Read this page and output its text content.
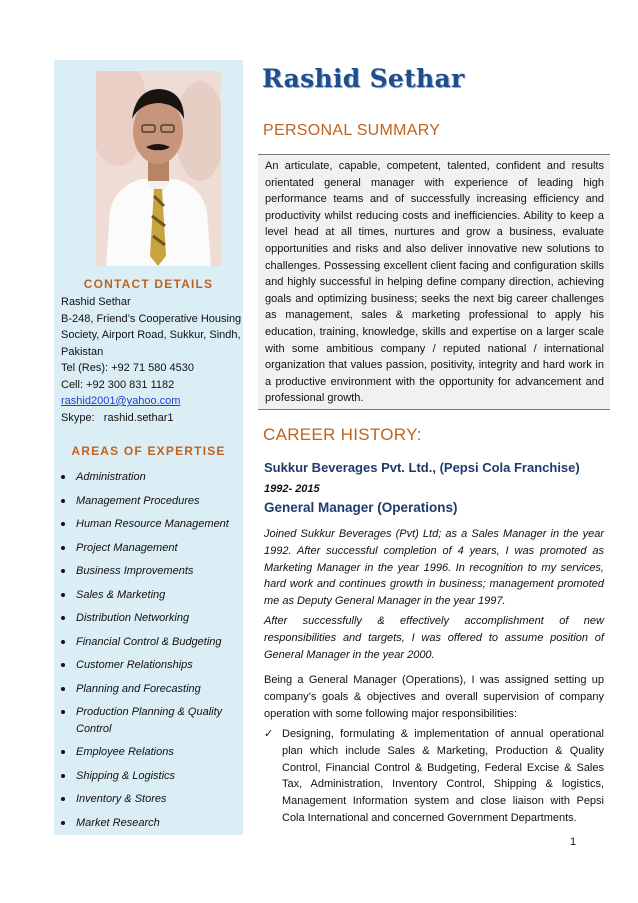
CONTACT DETAILS
Rashid Sethar
B-248, Friend’s Cooperative Housing
Society, Airport Road, Sukkur, Sindh,
Pakistan
Tel (Res): +92 71 580 4530
Cell: +92 300 831 1182
rashid2001@yahoo.com
Skype:   rashid.sethar1
AREAS OF EXPERTISE
Administration
Management Procedures
Human Resource Management
Project Management
Business Improvements
Sales & Marketing
Distribution Networking
Financial Control & Budgeting
Customer Relationships
Planning and Forecasting
Production Planning & Quality Control
Employee Relations
Shipping & Logistics
Inventory & Stores
Market Research
Rashid Sethar
PERSONAL SUMMARY
An articulate, capable, competent, talented, confident and results orientated general manager with experience of leading high performance teams and of successfully increasing efficiency and productivity whilst reducing costs and inefficiencies. Ability to keep a level head at all times, nurtures and grow a business, evaluate opportunities and risks and also deliver innovative new solutions to challenges. Possessing excellent client facing and configuration skills and highly successful in helping define company direction, achieving goals and optimizing business; seeks the next big career challenges as management, sales & marketing professional to apply his education, training, knowledge, skills and expertise on a larger scale with some ambitious company / reputed national / international organization that values passion, positivity, integrity and hard work in a productive environment with the opportunity for advancement and professional growth.
CAREER HISTORY:
Sukkur Beverages Pvt. Ltd., (Pepsi Cola Franchise)
1992- 2015
General Manager (Operations)
Joined Sukkur Beverages (Pvt) Ltd; as a Sales Manager in the year 1992. After successful completion of 4 years, I was promoted as Marketing Manager in the year 1996. In recognition to my services, hard work and continues growth in business; management promoted me as Deputy General Manager in the year 1997.
After successfully & effectively accomplishment of new responsibilities and targets, I was offered to assume position of General Manager in the year 2000.
Being a General Manager (Operations), I was assigned setting up company’s goals & objectives and overall supervision of company operation with some following major responsibilities:
✓ Designing, formulating & implementation of annual operational plan which include Sales & Marketing, Production & Quality Control, Financial Control & Budgeting, Federal Excise & Sales Tax, Administration, Inventory Control, Shipping & logistics, Management Information system and close liaison with Pepsi Cola International and concerned Government Departments.
1
